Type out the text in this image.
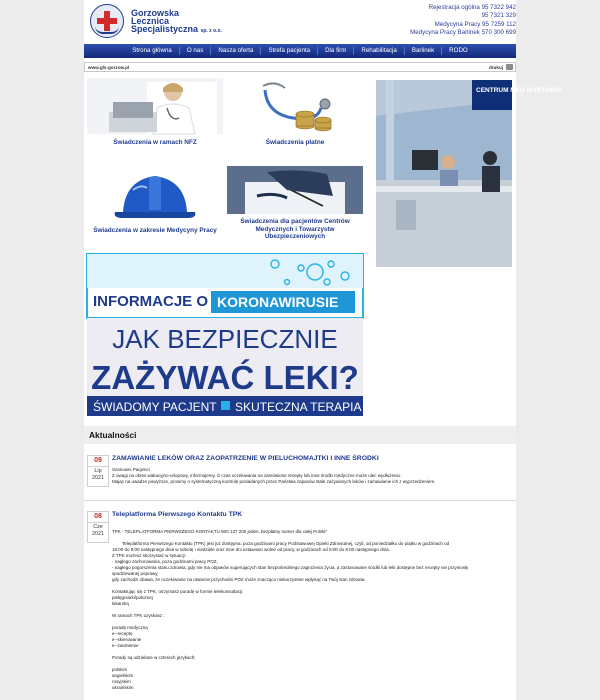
Gorzowska
Lecznica
Specjalistyczna sp. z o.o.
Rejestracja ogólna 95 7322 942
95 7321 329
Medycyna Pracy 95 7259 112
Medycyna Pracy Barlinek 570 300 699
Strona główna	O nas	Nasza oferta	Strefa pacjenta	Dla firm	Rehabilitacja	Barlinek	RODO
www.gls-gorzow.pl	drukuj
Świadczenia w ramach NFZ	Świadczenia płatne
Świadczenia w zakresie Medycyny Pracy
Świadczenia dla pacjentów Centrów Medycznych i Towarzystw Ubezpieczeniowych
CENTRUM MED WYSTAWIA
INFORMACJE O KORONAWIRUSIE
JAK BEZPIECZNIE
ZAŻYWAĆ LEKI?
ŚWIADOMY PACJENT SKUTECZNA TERAPIA
Aktualności
09
Lip
2021
ZAMAWIANIE LEKÓW ORAZ ZAOPATRZENIE W PIELUCHOMAJTKI I INNE ŚRODKI
Szanowni Pacjenci
Z uwagi na okres wakacyjno-urlopowy, informujemy, iż czas oczekiwania na zamówione recepty lub inne środki medyczne może ulec wydłużeniu.
Mając na uwadze powyższe, prosimy o systematyczną kontrolę posiadanych przez Państwa zapasów stale zażywanych leków i zamawianie ich z wyprzedzeniem.
08
Cze
2021
Teleplatforma Pierwszego Kontaktu TPK
TPK - TELEPLATFORMA PIERWSZEGO KONTAKTU 800 137 200 jeden, bezpłatny numer dla całej Polski*
Teleplatforma Pierwszego Kontaktu (TPK) jest już dostępna: poza godzinami pracy Podstawowej Opieki Zdrowotnej, czyli: od poniedziałku do piątku w godzinach od
18:00 do 8:00 następnego dnia w sobotę i niedziele oraz inne dni ustawowo wolne od pracy, w godzinach od 8:00 do 8:00 następnego dnia.
Z TPK możesz skorzystać w sytuacji:
- nagłego zachorowania, poza godzinami pracy POZ,
- nagłego pogorszenia stanu zdrowia, gdy nie ma objawów sugerujących stan bezpośredniego zagrożenia życia, a zastosowane środki lub leki dostępne bez recepty nie przyniosły
spodziewanej poprawy,
gdy zachodzi obawa, że oczekiwanie na otwarcie przychodni POZ może znacząco niekorzystnie wpłynąć na Twój stan zdrowia.
Kontaktując się z TPK, otrzymasz poradę w formie telekonsultacji:
pielęgniarki/położnej
lekarską
W ramach TPK uzyskasz :
poradę medyczną
e--receptę
e--skierowanie
e--zwolnienie
Porady są udzielane w czterech językach:
polskim
angielskim
rosyjskim
ukraińskim
